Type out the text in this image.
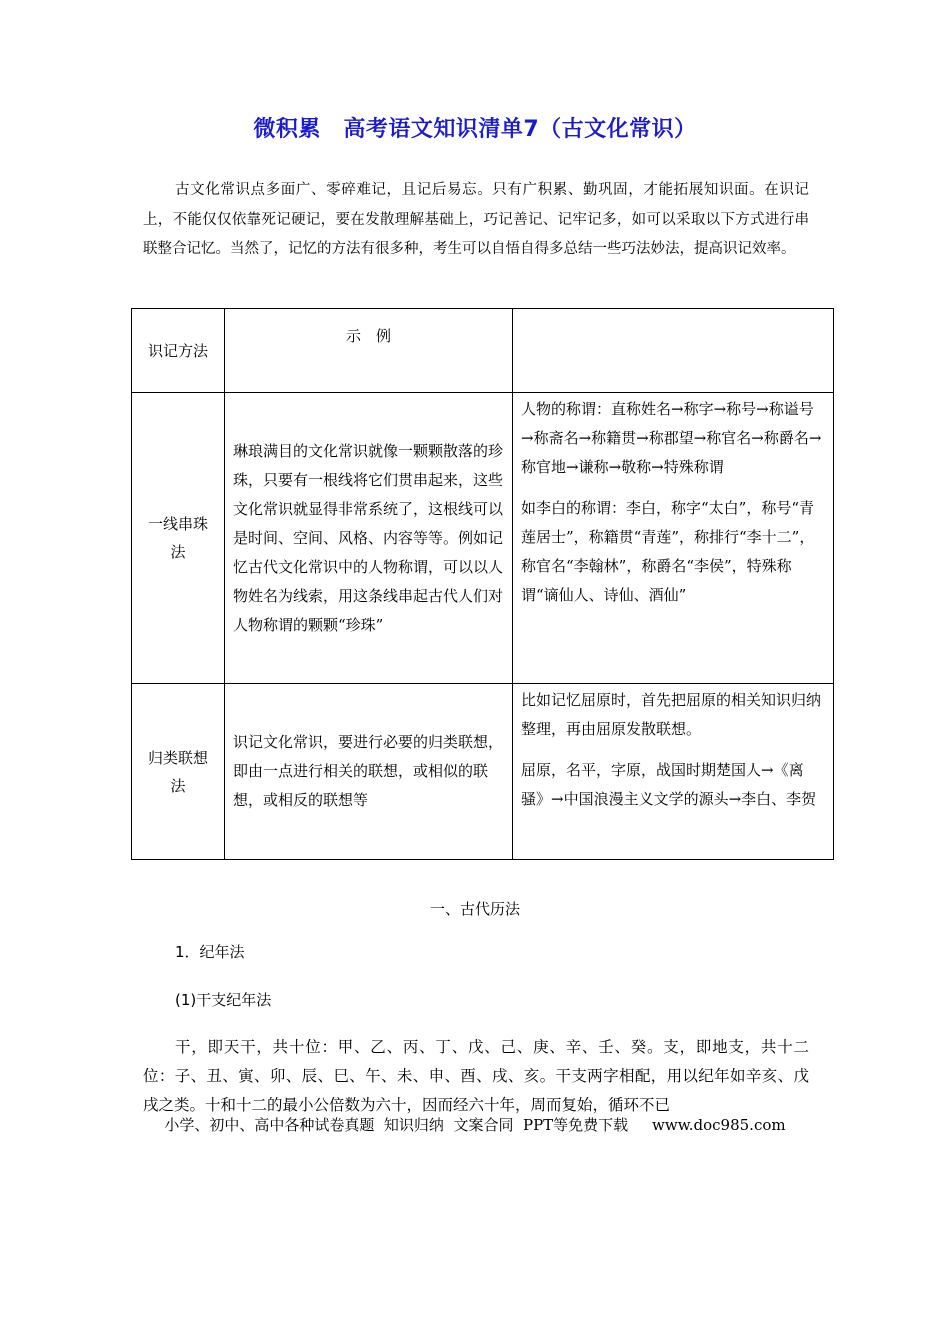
微积累　高考语文知识清单7（古文化常识）
古文化常识点多面广、零碎难记，且记后易忘。只有广积累、勤巩固，才能拓展知识面。在识记上，不能仅仅依靠死记硬记，要在发散理解基础上，巧记善记、记牢记多，如可以采取以下方式进行串联整合记忆。当然了，记忆的方法有很多种，考生可以自悟自得多总结一些巧法妙法，提高识记效率。
识记方法	示　例	
一线串珠法	琳琅满目的文化常识就像一颗颗散落的珍珠，只要有一根线将它们贯串起来，这些文化常识就显得非常系统了，这根线可以是时间、空间、风格、内容等等。例如记忆古代文化常识中的人物称谓，可以以人物姓名为线索，用这条线串起古代人们对人物称谓的颗颗“珍珠”	人物的称谓：直称姓名→称字→称号→称谥号→称斋名→称籍贯→称郡望→称官名→称爵名→称官地→谦称→敬称→特殊称谓

如李白的称谓：李白，称字“太白”，称号“青莲居士”，称籍贯“青莲”，称排行“李十二”，称官名“李翰林”，称爵名“李侯”，特殊称谓“谪仙人、诗仙、酒仙”

归类联想法	识记文化常识，要进行必要的归类联想，即由一点进行相关的联想，或相似的联想，或相反的联想等	比如记忆屈原时，首先把屈原的相关知识归纳整理，再由屈原发散联想。

屈原，名平，字原，战国时期楚国人→《离骚》→中国浪漫主义文学的源头→李白、李贺

一、古代历法
1．纪年法
(1)干支纪年法
干，即天干，共十位：甲、乙、丙、丁、戊、己、庚、辛、壬、癸。支，即地支，共十二位：子、丑、寅、卯、辰、巳、午、未、申、酉、戌、亥。干支两字相配，用以纪年如辛亥、戊戌之类。十和十二的最小公倍数为六十，因而经六十年，周而复始，循环不已
小学、初中、高中各种试卷真题  知识归纳  文案合同  PPT等免费下载     www.doc985.com
